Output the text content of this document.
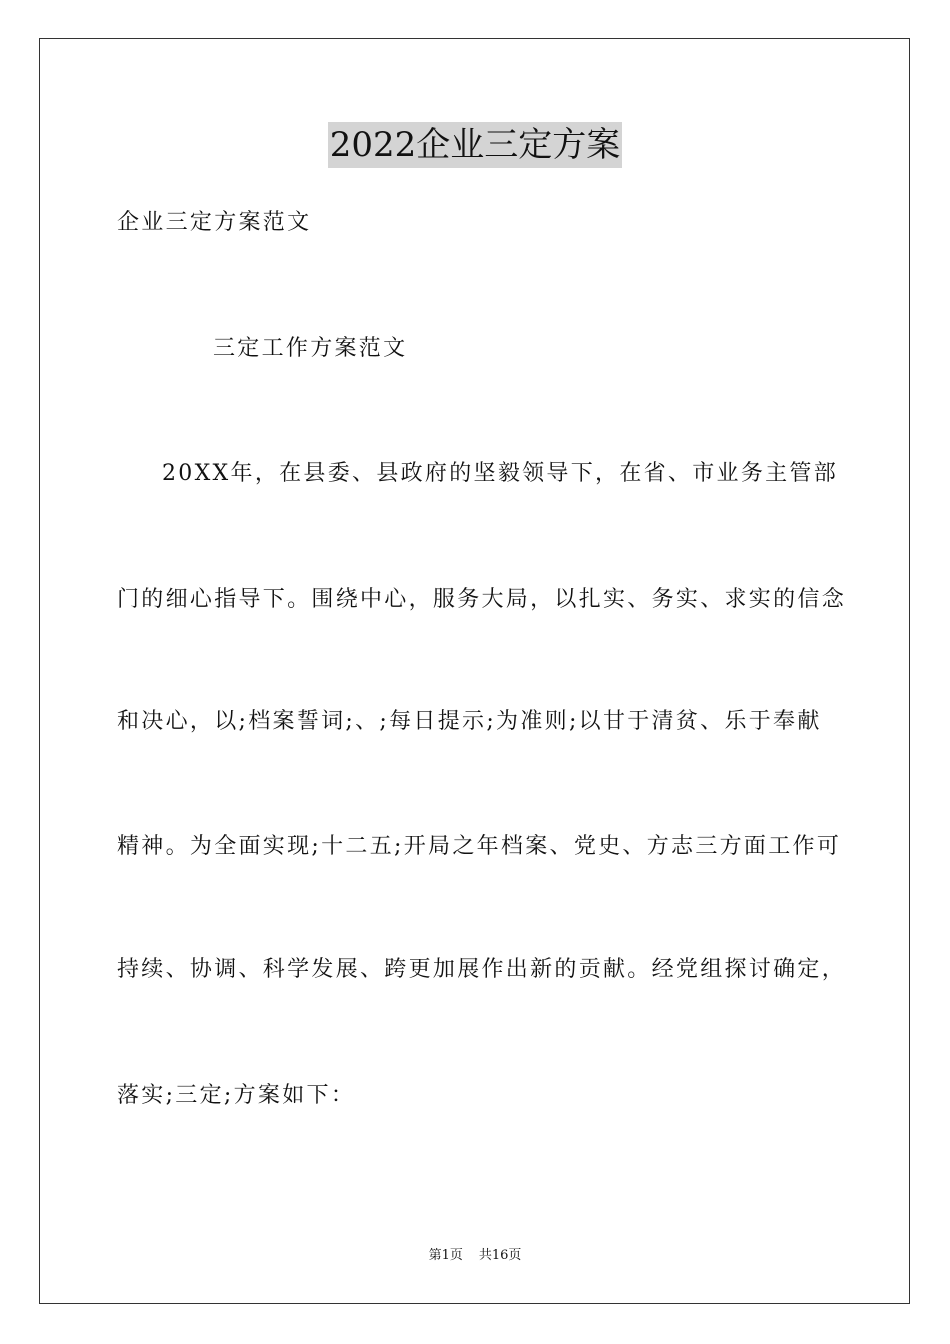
2022企业三定方案
企业三定方案范文
三定工作方案范文
20XX年，在县委、县政府的坚毅领导下，在省、市业务主管部
门的细心指导下。围绕中心，服务大局，以扎实、务实、求实的信念
和决心，以;档案誓词;、;每日提示;为准则;以甘于清贫、乐于奉献
精神。为全面实现;十二五;开局之年档案、党史、方志三方面工作可
持续、协调、科学发展、跨更加展作出新的贡献。经党组探讨确定，
落实;三定;方案如下：
第1页 共16页
